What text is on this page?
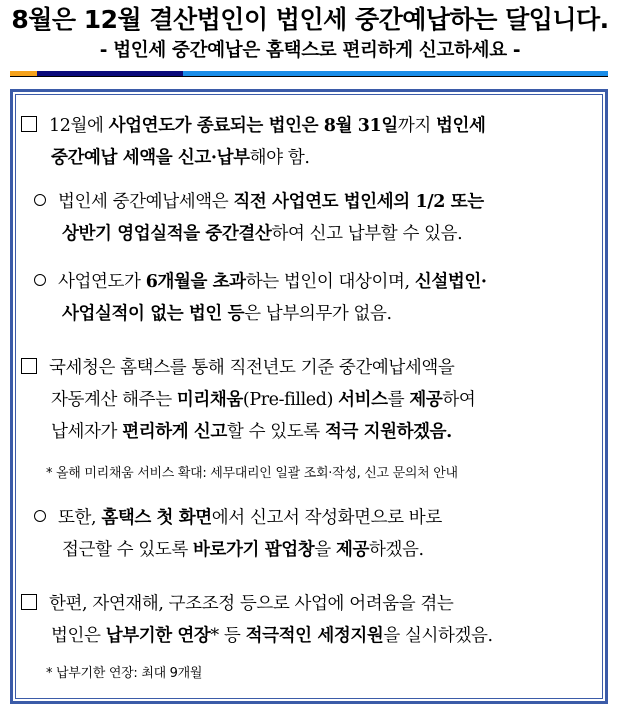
8월은 12월 결산법인이 법인세 중간예납하는 달입니다.
- 법인세 중간예납은 홈택스로 편리하게 신고하세요 -
12월에 사업연도가 종료되는 법인은 8월 31일까지 법인세
중간예납 세액을 신고·납부해야 함.
법인세 중간예납세액은 직전 사업연도 법인세의 1/2 또는
상반기 영업실적을 중간결산하여 신고 납부할 수 있음.
사업연도가 6개월을 초과하는 법인이 대상이며, 신설법인·
사업실적이 없는 법인 등은 납부의무가 없음.
국세청은 홈택스를 통해 직전년도 기준 중간예납세액을
자동계산 해주는 미리채움(Pre-filled) 서비스를 제공하여
납세자가 편리하게 신고할 수 있도록 적극 지원하겠음.
* 올해 미리채움 서비스 확대: 세무대리인 일괄 조회·작성, 신고 문의처 안내
또한, 홈택스 첫 화면에서 신고서 작성화면으로 바로
접근할 수 있도록 바로가기 팝업창을 제공하겠음.
한편, 자연재해, 구조조정 등으로 사업에 어려움을 겪는
법인은 납부기한 연장* 등 적극적인 세정지원을 실시하겠음.
* 납부기한 연장: 최대 9개월
